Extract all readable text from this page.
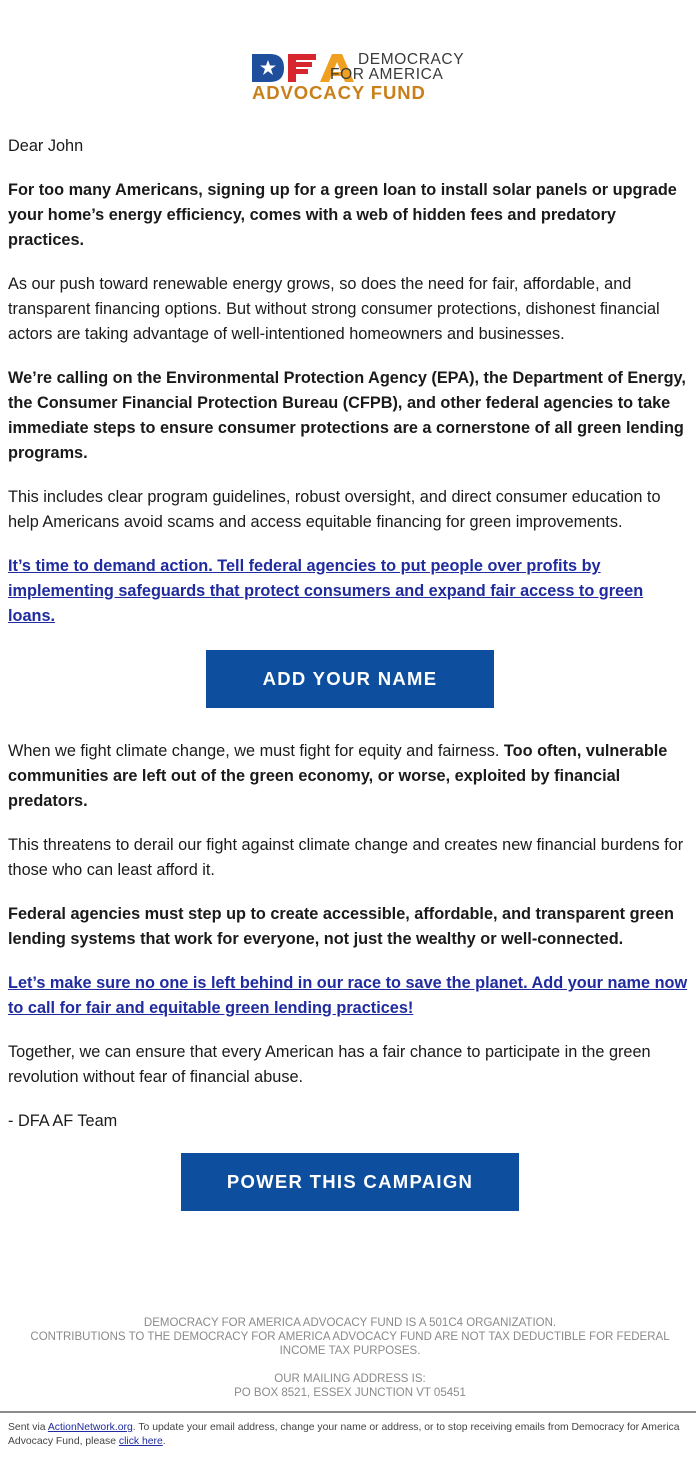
DEMOCRACY
FOR AMERICA
ADVOCACY FUND

Dear John

For too many Americans, signing up for a green loan to install solar panels or upgrade your home’s energy efficiency, comes with a web of hidden fees and predatory practices.

As our push toward renewable energy grows, so does the need for fair, affordable, and transparent financing options. But without strong consumer protections, dishonest financial actors are taking advantage of well-intentioned homeowners and businesses.

We’re calling on the Environmental Protection Agency (EPA), the Department of Energy, the Consumer Financial Protection Bureau (CFPB), and other federal agencies to take immediate steps to ensure consumer protections are a cornerstone of all green lending programs.

This includes clear program guidelines, robust oversight, and direct consumer education to help Americans avoid scams and access equitable financing for green improvements.

It’s time to demand action. Tell federal agencies to put people over profits by implementing safeguards that protect consumers and expand fair access to green loans.

ADD YOUR NAME

When we fight climate change, we must fight for equity and fairness. Too often, vulnerable communities are left out of the green economy, or worse, exploited by financial predators.

This threatens to derail our fight against climate change and creates new financial burdens for those who can least afford it.

Federal agencies must step up to create accessible, affordable, and transparent green lending systems that work for everyone, not just the wealthy or well-connected.

Let’s make sure no one is left behind in our race to save the planet. Add your name now to call for fair and equitable green lending practices!

Together, we can ensure that every American has a fair chance to participate in the green revolution without fear of financial abuse.

- DFA AF Team

POWER THIS CAMPAIGN
DEMOCRACY FOR AMERICA ADVOCACY FUND IS A 501C4 ORGANIZATION.
CONTRIBUTIONS TO THE DEMOCRACY FOR AMERICA ADVOCACY FUND ARE NOT TAX DEDUCTIBLE FOR FEDERAL INCOME TAX PURPOSES.
OUR MAILING ADDRESS IS:
PO BOX 8521, ESSEX JUNCTION VT 05451
Sent via ActionNetwork.org. To update your email address, change your name or address, or to stop receiving emails from Democracy for America Advocacy Fund, please click here.
